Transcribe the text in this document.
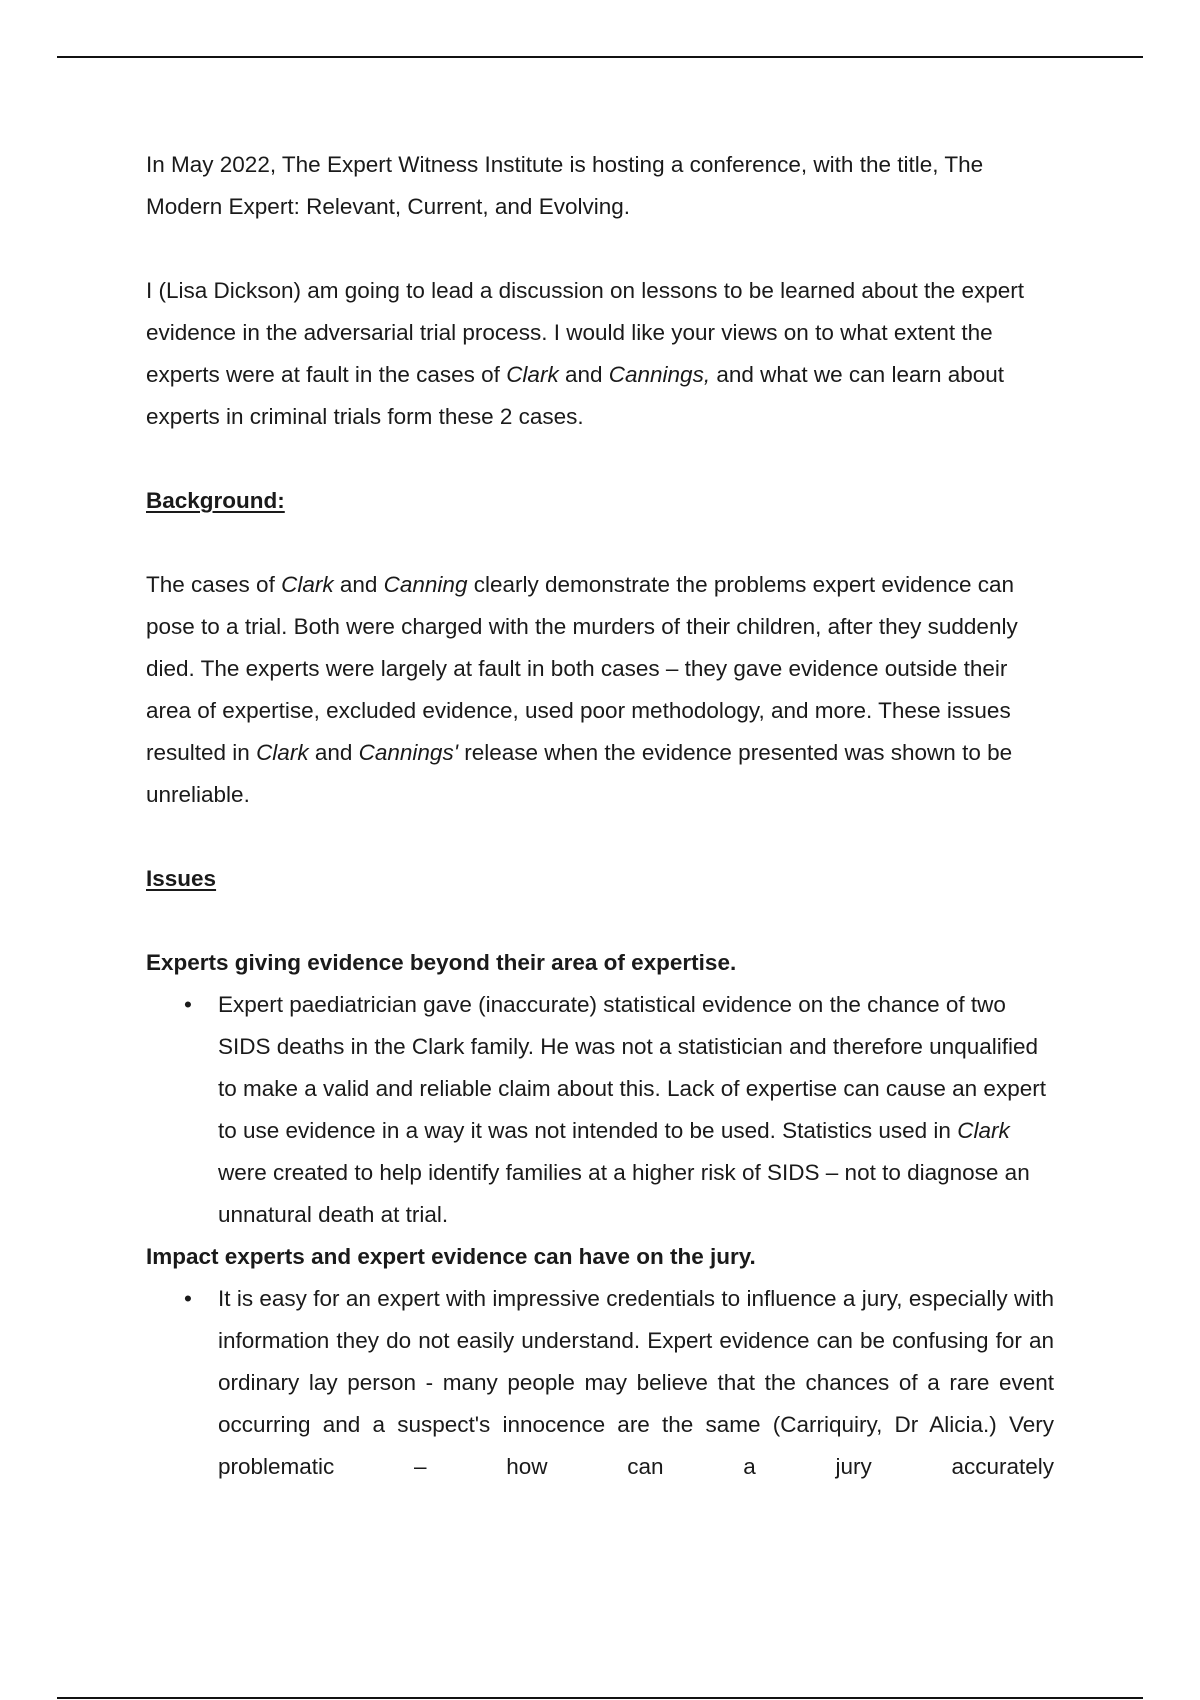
In May 2022, The Expert Witness Institute is hosting a conference, with the title, The Modern Expert: Relevant, Current, and Evolving.

I (Lisa Dickson) am going to lead a discussion on lessons to be learned about the expert evidence in the adversarial trial process. I would like your views on to what extent the experts were at fault in the cases of Clark and Cannings, and what we can learn about experts in criminal trials form these 2 cases.

Background:

The cases of Clark and Canning clearly demonstrate the problems expert evidence can pose to a trial. Both were charged with the murders of their children, after they suddenly died. The experts were largely at fault in both cases – they gave evidence outside their area of expertise, excluded evidence, used poor methodology, and more. These issues resulted in Clark and Cannings' release when the evidence presented was shown to be unreliable.

Issues

Experts giving evidence beyond their area of expertise.

• Expert paediatrician gave (inaccurate) statistical evidence on the chance of two SIDS deaths in the Clark family. He was not a statistician and therefore unqualified to make a valid and reliable claim about this. Lack of expertise can cause an expert to use evidence in a way it was not intended to be used. Statistics used in Clark were created to help identify families at a higher risk of SIDS – not to diagnose an unnatural death at trial.

Impact experts and expert evidence can have on the jury.

• It is easy for an expert with impressive credentials to influence a jury, especially with information they do not easily understand. Expert evidence can be confusing for an ordinary lay person - many people may believe that the chances of a rare event occurring and a suspect's innocence are the same (Carriquiry, Dr Alicia.) Very problematic – how can a jury accurately
